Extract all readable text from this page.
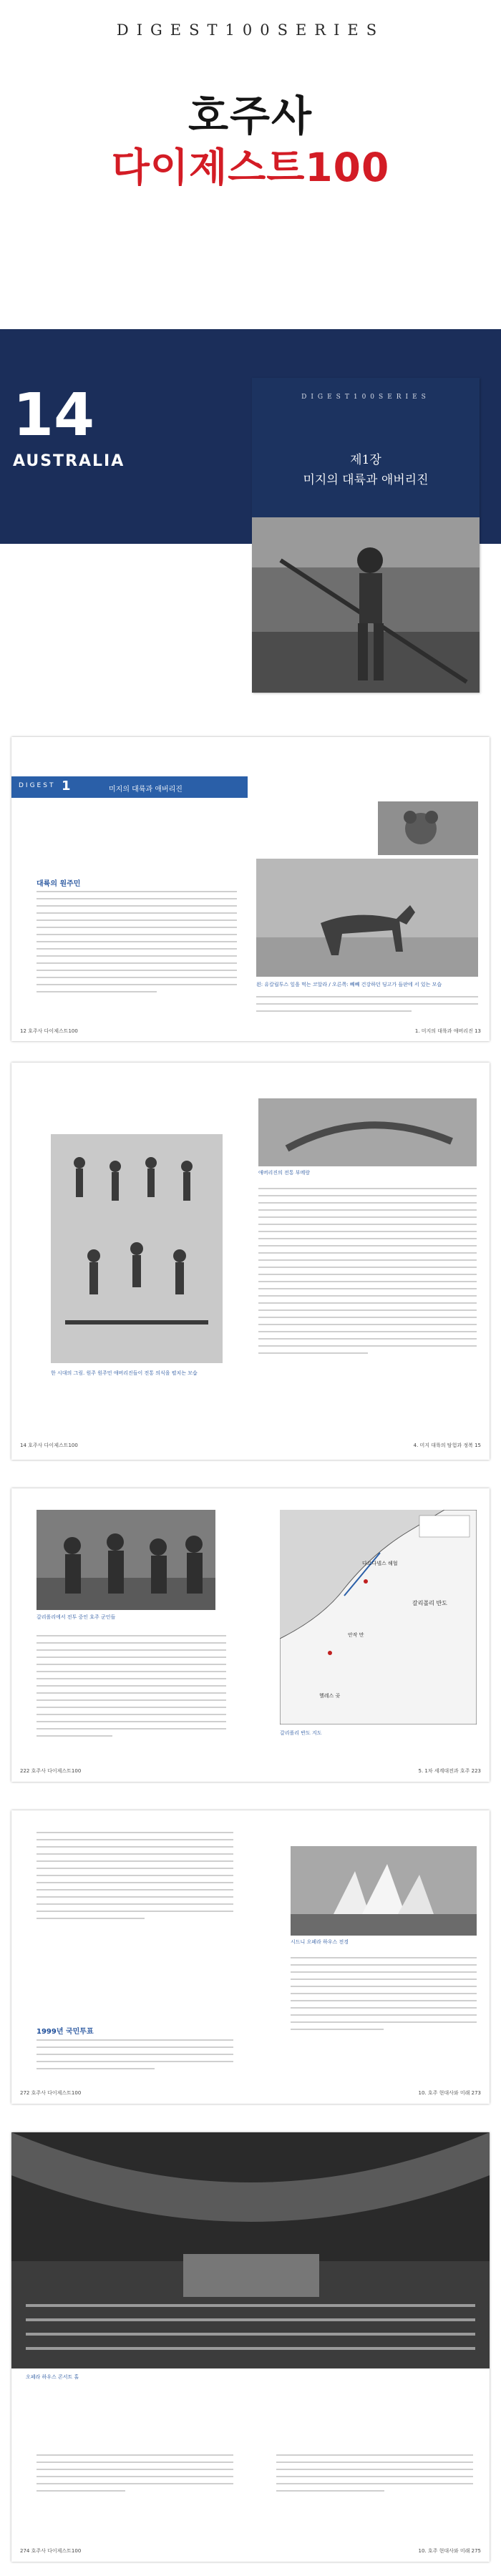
DIGEST100SERIES
호주사
다이제스트100
14
AUSTRALIA
DIGEST100SERIES
제1장
미지의 대륙과 애버리진
DIGEST 1	미지의 대륙과 애버리진
대륙의 원주민
왼: 유칼립투스 잎을 먹는 코알라 / 오른쪽: 빼빼 건강하던 딩고가 들판에 서 있는 모습
12 호주사 다이제스트100	1. 미지의 대륙과 애버리진 13
한 시대의 그림. 원주 원주민 애버리진들이 전통 의식을 펼치는 모습
애버리진의 전통 부메랑
14 호주사 다이제스트100	4. 미지 대륙의 탐험과 정복 15
갈리폴리에서 전투 중인 호주 군인들
갈리폴리 반도
안작 만
헬레스 곶
다르다넬스 해협
갈리폴리 반도 지도
222 호주사 다이제스트100	5. 1차 세계대전과 호주 223
1999년 국민투표
시드니 오페라 하우스 전경
272 호주사 다이제스트100	10. 호주 현대사와 미래 273
오페라 하우스 콘서트 홀
274 호주사 다이제스트100	10. 호주 현대사와 미래 275
